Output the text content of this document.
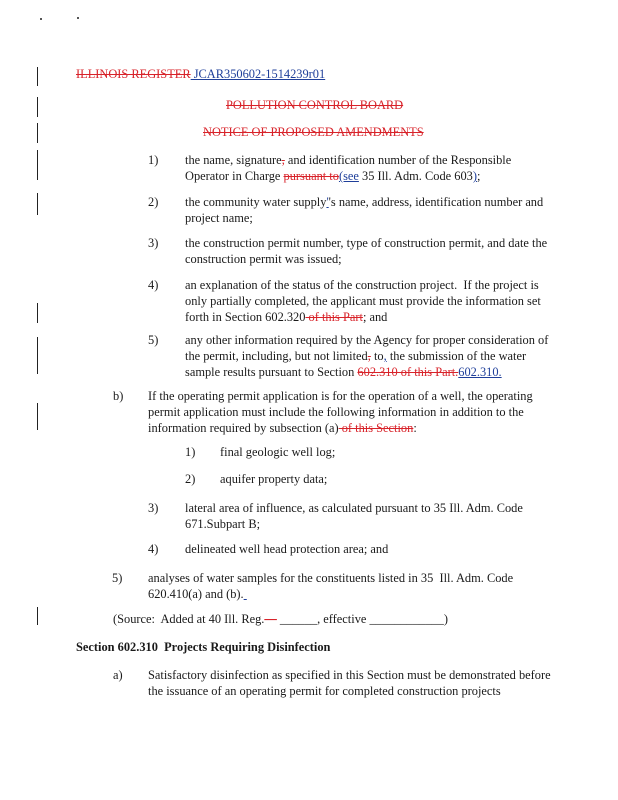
ILLINOIS REGISTER JCAR350602-1514239r01
POLLUTION CONTROL BOARD
NOTICE OF PROPOSED AMENDMENTS
1) the name, signature, and identification number of the Responsible
Operator in Charge pursuant to(see 35 Ill. Adm. Code 603);
2) the community water supply''s name, address, identification number and
project name;
3) the construction permit number, type of construction permit, and date the
construction permit was issued;
4) an explanation of the status of the construction project.  If the project is
only partially completed, the applicant must provide the information set
forth in Section 602.320 of this Part; and
5) any other information required by the Agency for proper consideration of
the permit, including, but not limited, to, the submission of the water
sample results pursuant to Section 602.310 of this Part.602.310.
b) If the operating permit application is for the operation of a well, the operating
permit application must include the following information in addition to the
information required by subsection (a) of this Section:
1) final geologic well log;
2) aquifer property data;
3) lateral area of influence, as calculated pursuant to 35 Ill. Adm. Code
671.Subpart B;
4) delineated well head protection area; and
5) analyses of water samples for the constituents listed in 35  Ill. Adm. Code
620.410(a) and (b).
(Source:  Added at 40 Ill. Reg.— ______, effective ____________)
Section 602.310  Projects Requiring Disinfection
a) Satisfactory disinfection as specified in this Section must be demonstrated before
the issuance of an operating permit for completed construction projects
